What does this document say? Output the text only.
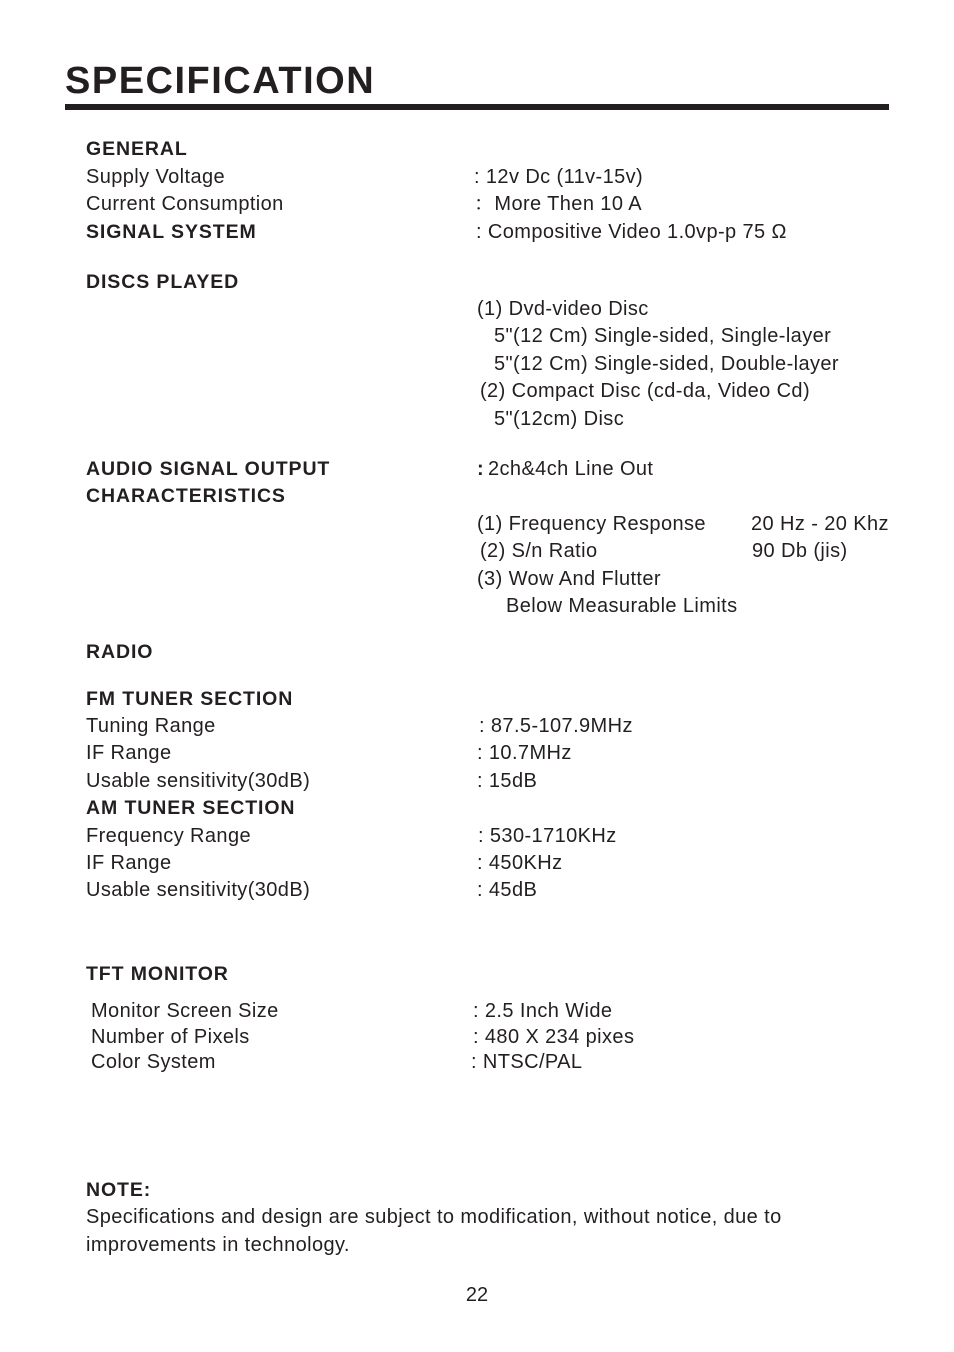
SPECIFICATION
GENERAL
Supply Voltage	: 12v Dc (11v-15v)
Current Consumption	：More Then 10 A
SIGNAL SYSTEM	: Compositive Video 1.0vp-p 75 Ω
DISCS PLAYED
(1) Dvd-video Disc
5"(12 Cm) Single-sided, Single-layer
5"(12 Cm) Single-sided, Double-layer
(2) Compact Disc (cd-da, Video Cd)
5"(12cm) Disc
AUDIO SIGNAL OUTPUT	: 2ch&4ch Line Out
CHARACTERISTICS
(1) Frequency Response 20 Hz - 20 Khz
(2) S/n Ratio	90 Db (jis)
(3) Wow And Flutter
Below Measurable Limits
RADIO
FM TUNER SECTION
Tuning Range	: 87.5-107.9MHz
IF Range	: 10.7MHz
Usable sensitivity(30dB)	: 15dB
AM TUNER SECTION
Frequency Range	: 530-1710KHz
IF Range	: 450KHz
Usable sensitivity(30dB)	: 45dB
TFT MONITOR
Monitor Screen Size	: 2.5 Inch Wide
Number of Pixels	: 480 X 234 pixes
Color System	: NTSC/PAL
NOTE:
Specifications and design are subject to modification, without notice, due to improvements in technology.
22
